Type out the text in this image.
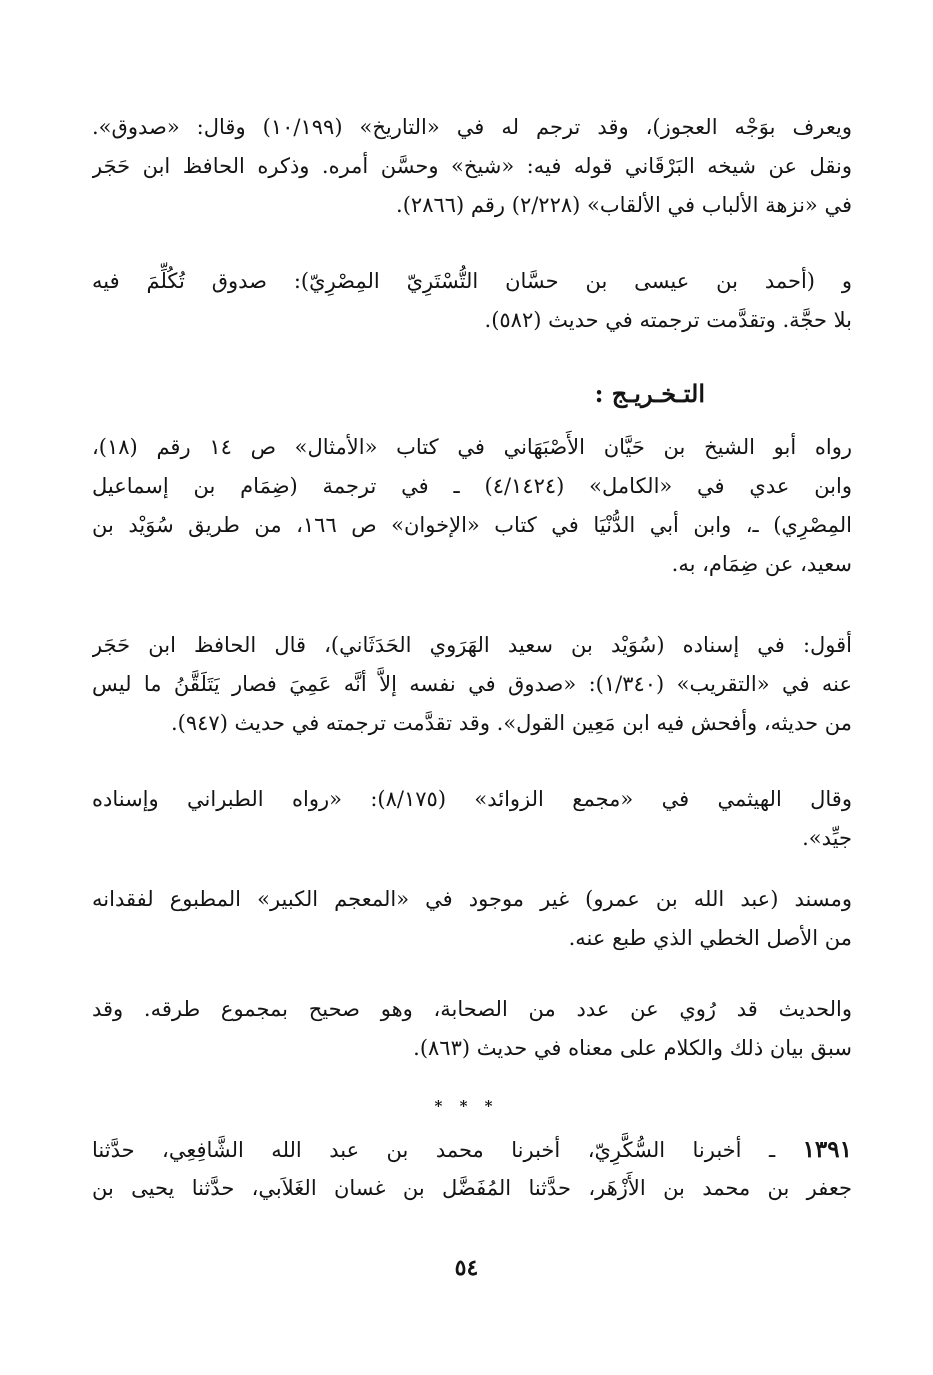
ويعرف بوَجْه العجوز)، وقد ترجم له في «التاريخ» (١٠/١٩٩) وقال: «صدوق».
ونقل عن شيخه البَرْقَاني قوله فيه: «شيخ» وحسَّن أمره. وذكره الحافظ ابن حَجَر
في «نزهة الألباب في الألقاب» (٢/٢٢٨) رقم (٢٨٦٦).
و (أحمد بن عيسى بن حسَّان التُّسْتَرِيّ المِصْرِيّ): صدوق تُكُلِّمَ فيه
بلا حجَّة. وتقدَّمت ترجمته في حديث (٥٨٢).
التـخـريـج :
رواه أبو الشيخ بن حَيَّان الأَصْبَهَاني في كتاب «الأمثال» ص ١٤ رقم (١٨)،
وابن عدي في «الكامل» (٤/١٤٢٤) ـ في ترجمة (ضِمَام بن إسماعيل
المِصْرِي) ـ، وابن أبي الدُّنْيَا في كتاب «الإخوان» ص ١٦٦، من طريق سُوَيْد بن
سعيد، عن ضِمَام، به.
أقول: في إسناده (سُوَيْد بن سعيد الهَرَوي الحَدَثَاني)، قال الحافظ ابن حَجَر
عنه في «التقريب» (١/٣٤٠): «صدوق في نفسه إلاَّ أنَّه عَمِيَ فصار يَتَلَقَّنُ ما ليس
من حديثه، وأفحش فيه ابن مَعِين القول». وقد تقدَّمت ترجمته في حديث (٩٤٧).
وقال الهيثمي في «مجمع الزوائد» (٨/١٧٥): «رواه الطبراني وإسناده
جيِّد».
ومسند (عبد الله بن عمرو) غير موجود في «المعجم الكبير» المطبوع لفقدانه
من الأصل الخطي الذي طبع عنه.
والحديث قد رُوي عن عدد من الصحابة، وهو صحيح بمجموع طرقه. وقد
سبق بيان ذلك والكلام على معناه في حديث (٨٦٣).
* * *
١٣٩١ ـ أخبرنا السُّكَّرِيّ، أخبرنا محمد بن عبد الله الشَّافِعِي، حدَّثنا
جعفر بن محمد بن الأَزْهَر، حدَّثنا المُفَضَّل بن غسان الغَلاَبي، حدَّثنا يحيى بن
٥٤
